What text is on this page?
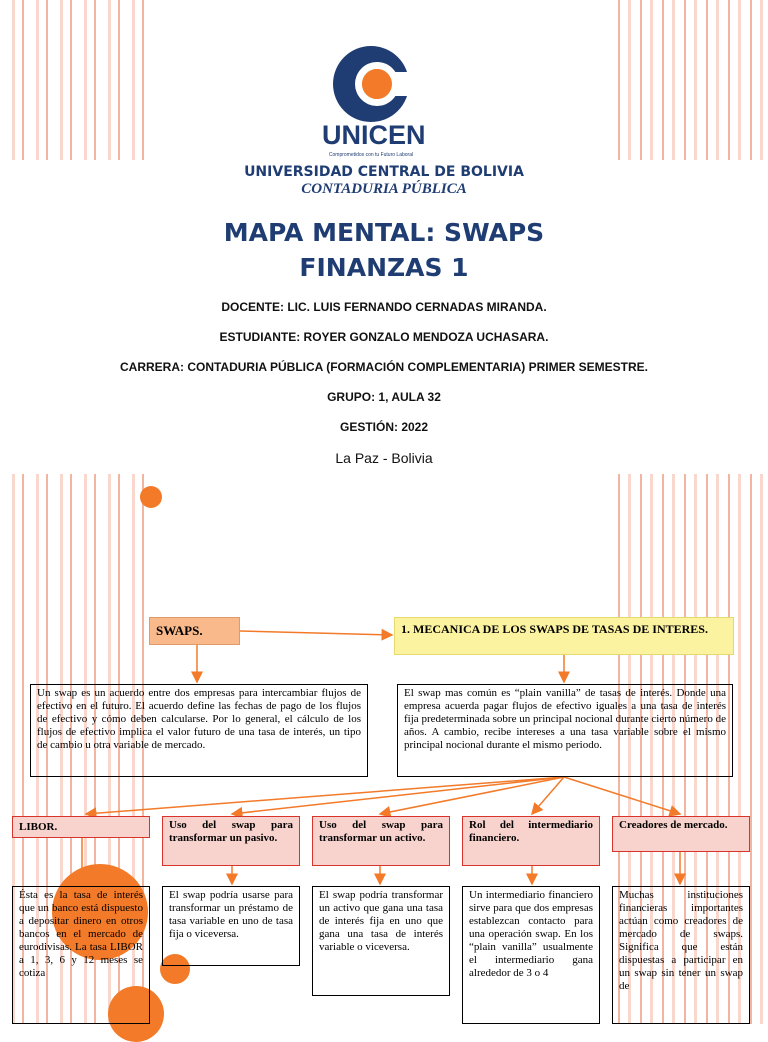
UNICEN
Comprometidos con tu Futuro Laboral
UNIVERSIDAD CENTRAL DE BOLIVIA
CONTADURIA PÚBLICA
MAPA MENTAL: SWAPS
FINANZAS 1
DOCENTE: LIC. LUIS FERNANDO CERNADAS MIRANDA.
ESTUDIANTE: ROYER GONZALO MENDOZA UCHASARA.
CARRERA: CONTADURIA PÚBLICA (FORMACIÓN COMPLEMENTARIA) PRIMER SEMESTRE.
GRUPO: 1, AULA 32
GESTIÓN: 2022
La Paz - Bolivia
SWAPS.
Un swap es un acuerdo entre dos empresas para intercambiar flujos de efectivo en el futuro. El acuerdo define las fechas de pago de los flujos de efectivo y cómo deben calcularse. Por lo general, el cálculo de los flujos de efectivo implica el valor futuro de una tasa de interés, un tipo de cambio u otra variable de mercado.
1. MECANICA DE LOS SWAPS DE TASAS DE INTERES.
El swap mas común es “plain vanilla” de tasas de interés. Donde una empresa acuerda pagar flujos de efectivo iguales a una tasa de interés fija predeterminada sobre un principal nocional durante cierto número de años. A cambio, recibe intereses a una tasa variable sobre el mismo principal nocional durante el mismo periodo.
LIBOR.
Ésta es la tasa de interés que un banco está dispuesto a depositar dinero en otros bancos en el mercado de eurodivisas. La tasa LIBOR a 1, 3, 6 y 12 meses se cotiza
Uso del swap para transformar un pasivo.
El swap podría usarse para transformar un préstamo de tasa variable en uno de tasa fija o viceversa.
Uso del swap para transformar un activo.
El swap podría transformar un activo que gana una tasa de interés fija en uno que gana una tasa de interés variable o viceversa.
Rol del intermediario financiero.
Un intermediario financiero sirve para que dos empresas establezcan contacto para una operación swap. En los “plain vanilla” usualmente el intermediario gana alrededor de 3 o 4
Creadores de mercado.
Muchas instituciones financieras importantes actúan como creadores de mercado de swaps. Significa que están dispuestas a participar en un swap sin tener un swap de
